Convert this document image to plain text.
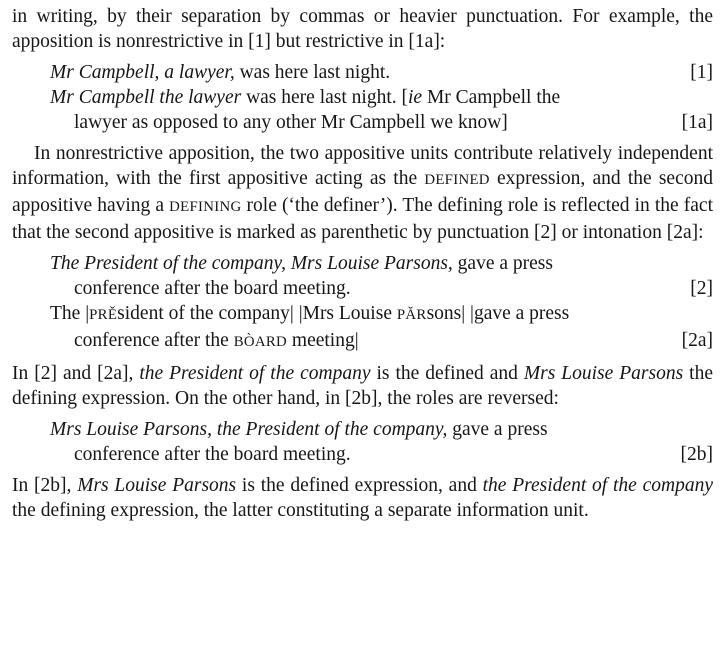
in writing, by their separation by commas or heavier punctuation. For example, the apposition is nonrestrictive in [1] but restrictive in [1a]:

Mr Campbell, a lawyer, was here last night.	[1]
Mr Campbell the lawyer was here last night. [ie Mr Campbell the
lawyer as opposed to any other Mr Campbell we know]	[1a]

In nonrestrictive apposition, the two appositive units contribute relatively independent information, with the first appositive acting as the DEFINED expression, and the second appositive having a DEFINING role (‘the definer’). The defining role is reflected in the fact that the second appositive is marked as parenthetic by punctuation [2] or intonation [2a]:

The President of the company, Mrs Louise Parsons, gave a press
conference after the board meeting.	[2]
The |PRĚsident of the company| |Mrs Louise PĂRsons| |gave a press
conference after the BÒARD meeting|	[2a]

In [2] and [2a], the President of the company is the defined and Mrs Louise Parsons the defining expression. On the other hand, in [2b], the roles are reversed:

Mrs Louise Parsons, the President of the company, gave a press
conference after the board meeting.	[2b]

In [2b], Mrs Louise Parsons is the defined expression, and the President of the company the defining expression, the latter constituting a separate information unit.
